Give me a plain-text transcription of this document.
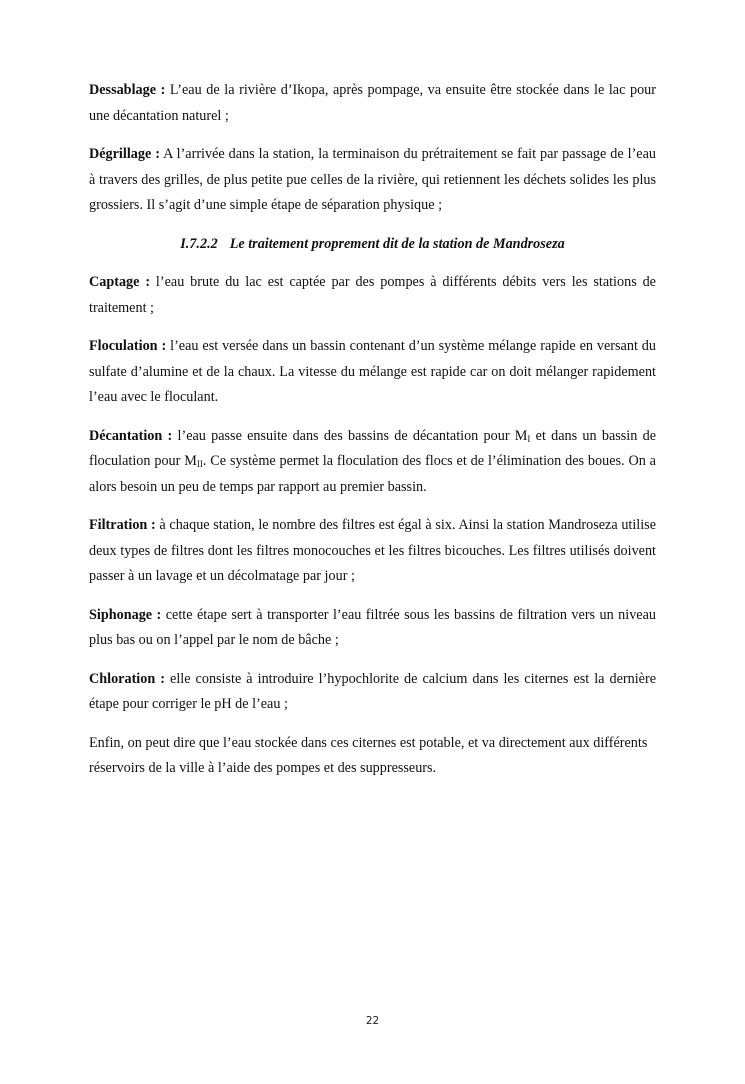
Dessablage : L’eau de la rivière d’Ikopa, après pompage, va ensuite être stockée dans le lac pour une décantation naturel ;

Dégrillage : A l’arrivée dans la station, la terminaison du prétraitement se fait par passage de l’eau à travers des grilles, de plus petite pue celles de la rivière, qui retiennent les déchets solides les plus grossiers. Il s’agit d’une simple étape de séparation physique ;

I.7.2.2 Le traitement proprement dit de la station de Mandroseza

Captage : l’eau brute du lac est captée par des pompes à différents débits vers les stations de traitement ;

Floculation : l’eau est versée dans un bassin contenant d’un système mélange rapide en versant du sulfate d’alumine et de la chaux. La vitesse du mélange est rapide car on doit mélanger rapidement l’eau avec le floculant.

Décantation : l’eau passe ensuite dans des bassins de décantation pour $M_I$ et dans un bassin de floculation pour $M_{II}$. Ce système permet la floculation des flocs et de l’élimination des boues. On a alors besoin un peu de temps par rapport au premier bassin.

Filtration : à chaque station, le nombre des filtres est égal à six. Ainsi la station Mandroseza utilise deux types de filtres dont les filtres monocouches et les filtres bicouches. Les filtres utilisés doivent passer à un lavage et un décolmatage par jour ;

Siphonage : cette étape sert à transporter l’eau filtrée sous les bassins de filtration vers un niveau plus bas ou on l’appel par le nom de bâche ;

Chloration : elle consiste à introduire l’hypochlorite de calcium dans les citernes est la dernière étape pour corriger le pH de l’eau ;

Enfin, on peut dire que l’eau stockée dans ces citernes est potable, et va directement aux différents réservoirs de la ville à l’aide des pompes et des suppresseurs.

22
